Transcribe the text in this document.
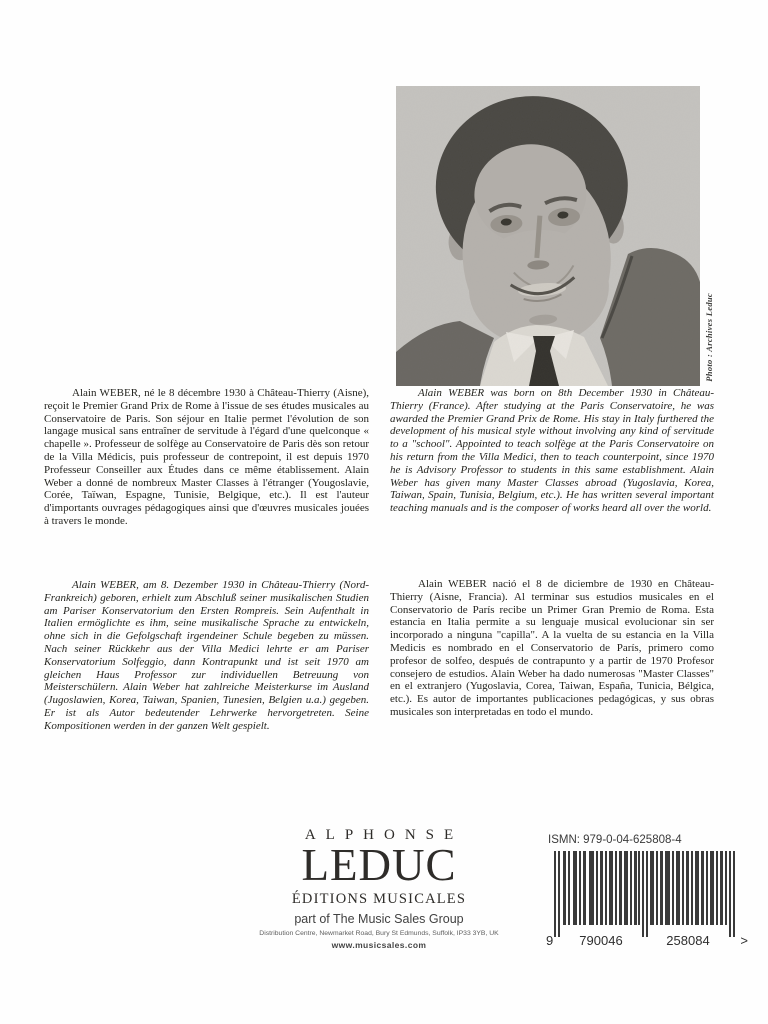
Photo : Archives Leduc

Alain WEBER, né le 8 décembre 1930 à Château-Thierry (Aisne), reçoit le Premier Grand Prix de Rome à l'issue de ses études musicales au Conservatoire de Paris. Son séjour en Italie permet l'évolution de son langage musical sans entraîner de servitude à l'égard d'une quelconque « chapelle ». Professeur de solfège au Conservatoire de Paris dès son retour de la Villa Médicis, puis professeur de contrepoint, il est depuis 1970 Professeur Conseiller aux Études dans ce même établissement. Alain Weber a donné de nombreux Master Classes à l'étranger (Yougoslavie, Corée, Taïwan, Espagne, Tunisie, Belgique, etc.). Il est l'auteur d'importants ouvrages pédagogiques ainsi que d'œuvres musicales jouées à travers le monde.

Alain WEBER was born on 8th December 1930 in Château-Thierry (France). After studying at the Paris Conservatoire, he was awarded the Premier Grand Prix de Rome. His stay in Italy furthered the development of his musical style without involving any kind of servitude to a "school". Appointed to teach solfège at the Paris Conservatoire on his return from the Villa Medici, then to teach counterpoint, since 1970 he is Advisory Professor to students in this same establishment. Alain Weber has given many Master Classes abroad (Yugoslavia, Korea, Taiwan, Spain, Tunisia, Belgium, etc.). He has written several important teaching manuals and is the composer of works heard all over the world.

Alain WEBER, am 8. Dezember 1930 in Château-Thierry (Nord-Frankreich) geboren, erhielt zum Abschluß seiner musikalischen Studien am Pariser Konservatorium den Ersten Rompreis. Sein Aufenthalt in Italien ermöglichte es ihm, seine musikalische Sprache zu entwickeln, ohne sich in die Gefolgschaft irgendeiner Schule begeben zu müssen. Nach seiner Rückkehr aus der Villa Medici lehrte er am Pariser Konservatorium Solfeggio, dann Kontrapunkt und ist seit 1970 am gleichen Haus Professor zur individuellen Betreuung von Meisterschülern. Alain Weber hat zahlreiche Meisterkurse im Ausland (Jugoslawien, Korea, Taiwan, Spanien, Tunesien, Belgien u.a.) gegeben. Er ist als Autor bedeutender Lehrwerke hervorgetreten. Seine Kompositionen werden in der ganzen Welt gespielt.

Alain WEBER nació el 8 de diciembre de 1930 en Château-Thierry (Aisne, Francia). Al terminar sus estudios musicales en el Conservatorio de París recibe un Primer Gran Premio de Roma. Esta estancia en Italia permite a su lenguaje musical evolucionar sin ser incorporado a ninguna "capilla". A la vuelta de su estancia en la Villa Medicis es nombrado en el Conservatorio de París, primero como profesor de solfeo, después de contrapunto y a partir de 1970 Profesor consejero de estudios. Alain Weber ha dado numerosas "Master Classes" en el extranjero (Yugoslavia, Corea, Taiwan, España, Tunicia, Bélgica, etc.). Es autor de importantes publicaciones pedagógicas, y sus obras musicales son interpretadas en todo el mundo.

ALPHONSE
LEDUC
ÉDITIONS MUSICALES
part of The Music Sales Group
Distribution Centre, Newmarket Road, Bury St Edmunds, Suffolk, IP33 3YB, UK
www.musicsales.com
ISMN: 979-0-04-625808-4
9 790046	258084 >
